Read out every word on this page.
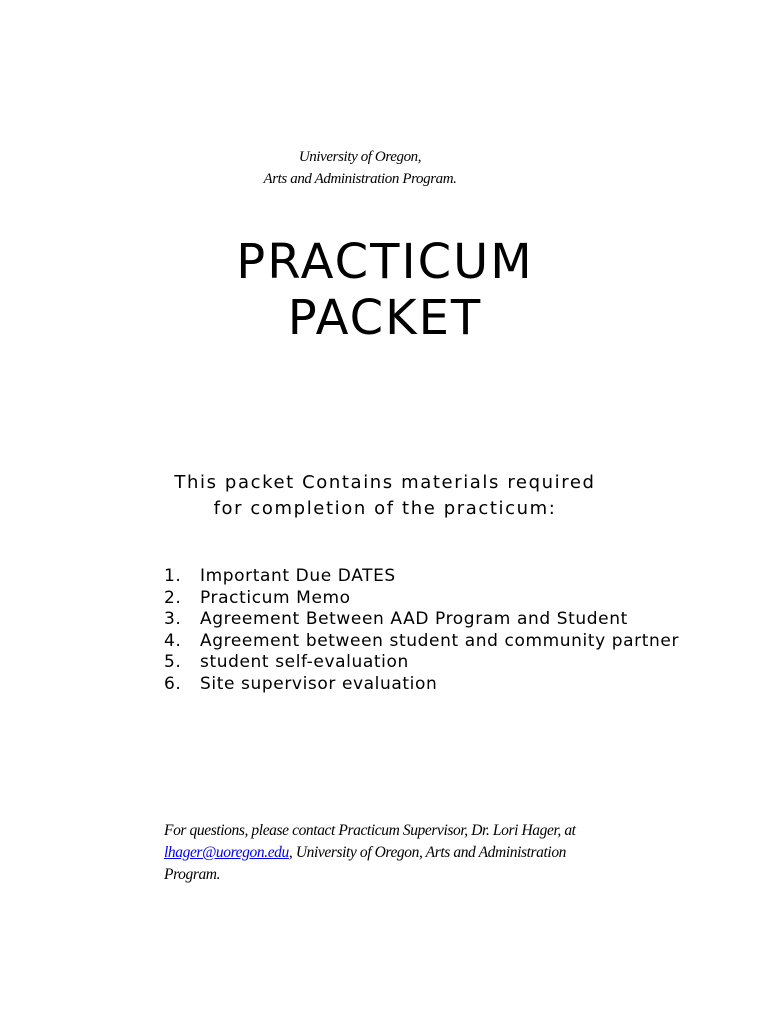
University of Oregon,
Arts and Administration Program.
PRACTICUM
PACKET
This packet Contains materials required
for completion of the practicum:
1.	Important Due DATES
2.	Practicum Memo
3.	Agreement Between AAD Program and Student
4.	Agreement between student and community partner
5.	student self-evaluation
6.	Site supervisor evaluation
For questions, please contact Practicum Supervisor, Dr. Lori Hager, at lhager@uoregon.edu, University of Oregon, Arts and Administration Program.
